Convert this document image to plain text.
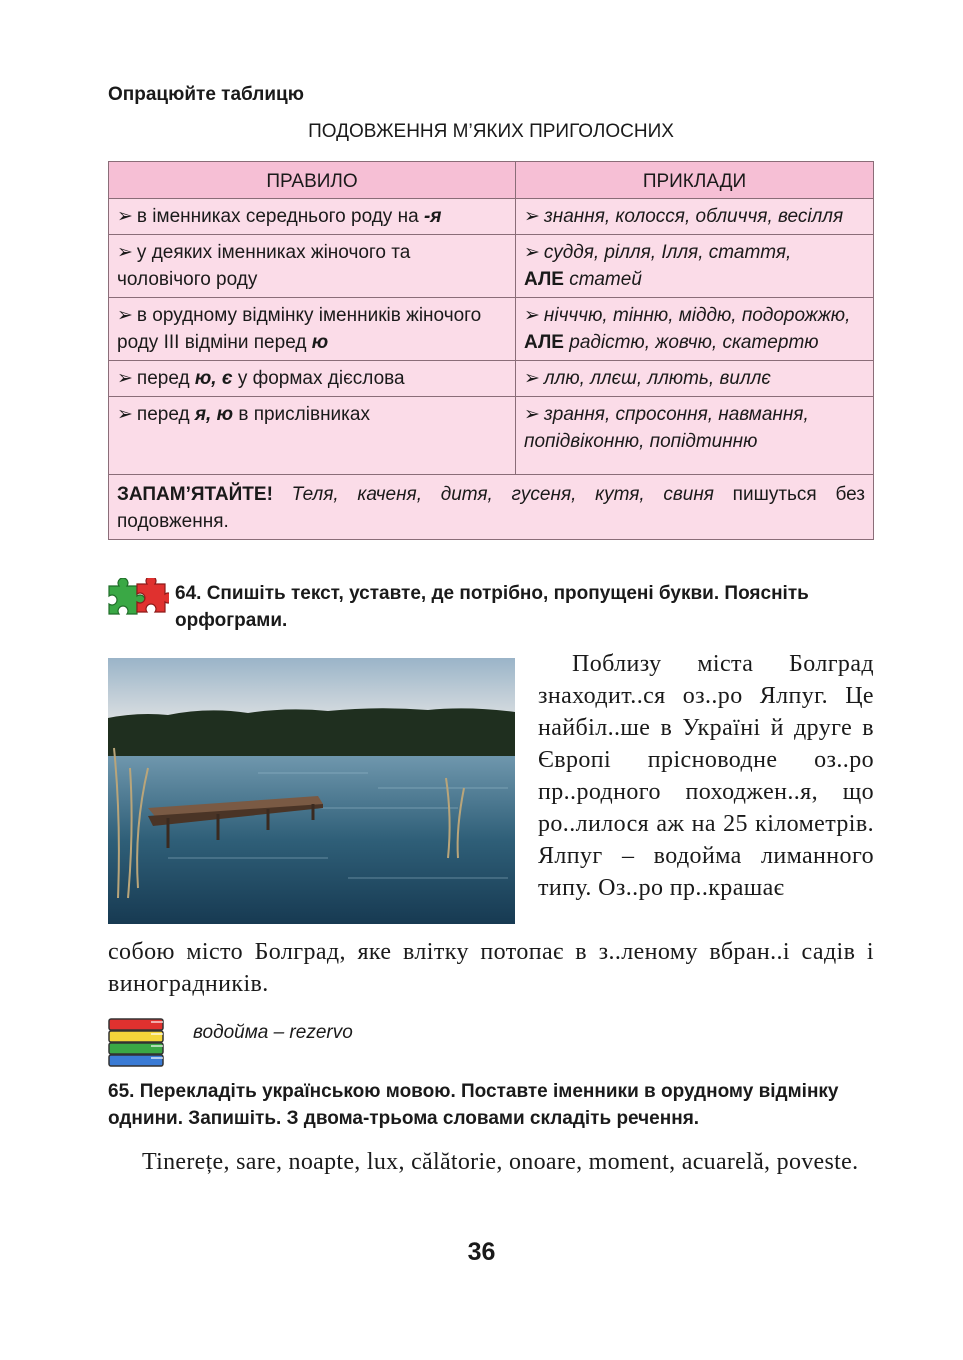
Опрацюйте таблицю
ПОДОВЖЕННЯ М’ЯКИХ ПРИГОЛОСНИХ
ПРАВИЛО	ПРИКЛАДИ
➢ в іменниках середнього роду на -я	➢ знання, колосся, обличчя, весілля
➢ у деяких іменниках жіночого та чоловічого роду	➢ суддя, рілля, Ілля, стаття,
АЛЕ статей
➢ в орудному відмінку іменників жіночого роду III відміни перед ю	➢ нічччю, тінню, міддю, подорожжю,
АЛЕ радістю, жовчю, скатертю
➢ перед ю, є у формах дієслова	➢ ллю, ллєш, ллють, виллє
➢ перед я, ю в прислівниках	➢ зрання, спросоння, навмання, попідвіконню, попідтинню
ЗАПАМ’ЯТАЙТЕ! Теля, каченя, дитя, гусеня, кутя, свиня пишуться без подовження.	
64. Спишіть текст, уставте, де потрібно, пропущені букви. Поясніть орфограми.
Поблизу міста Болград знаходит..ся оз..ро Ялпуг. Це найбіл..ше в Україні й друге в Європі прісноводне оз..ро пр..родного походжен..я, що ро..лилося аж на 25 кілометрів. Ялпуг – водойма лиманного типу. Оз..ро пр..крашає
собою місто Болград, яке влітку потопає в з..леному вбран..і садів і виноградників.
водойма – rezervo
65. Перекладіть українською мовою. Поставте іменники в орудному відмінку однини. Запишіть. З двома-трьома словами складіть речення.
Tinerețe, sare, noapte, lux, călătorie, onoare, moment, acuarelă, poveste.
36
